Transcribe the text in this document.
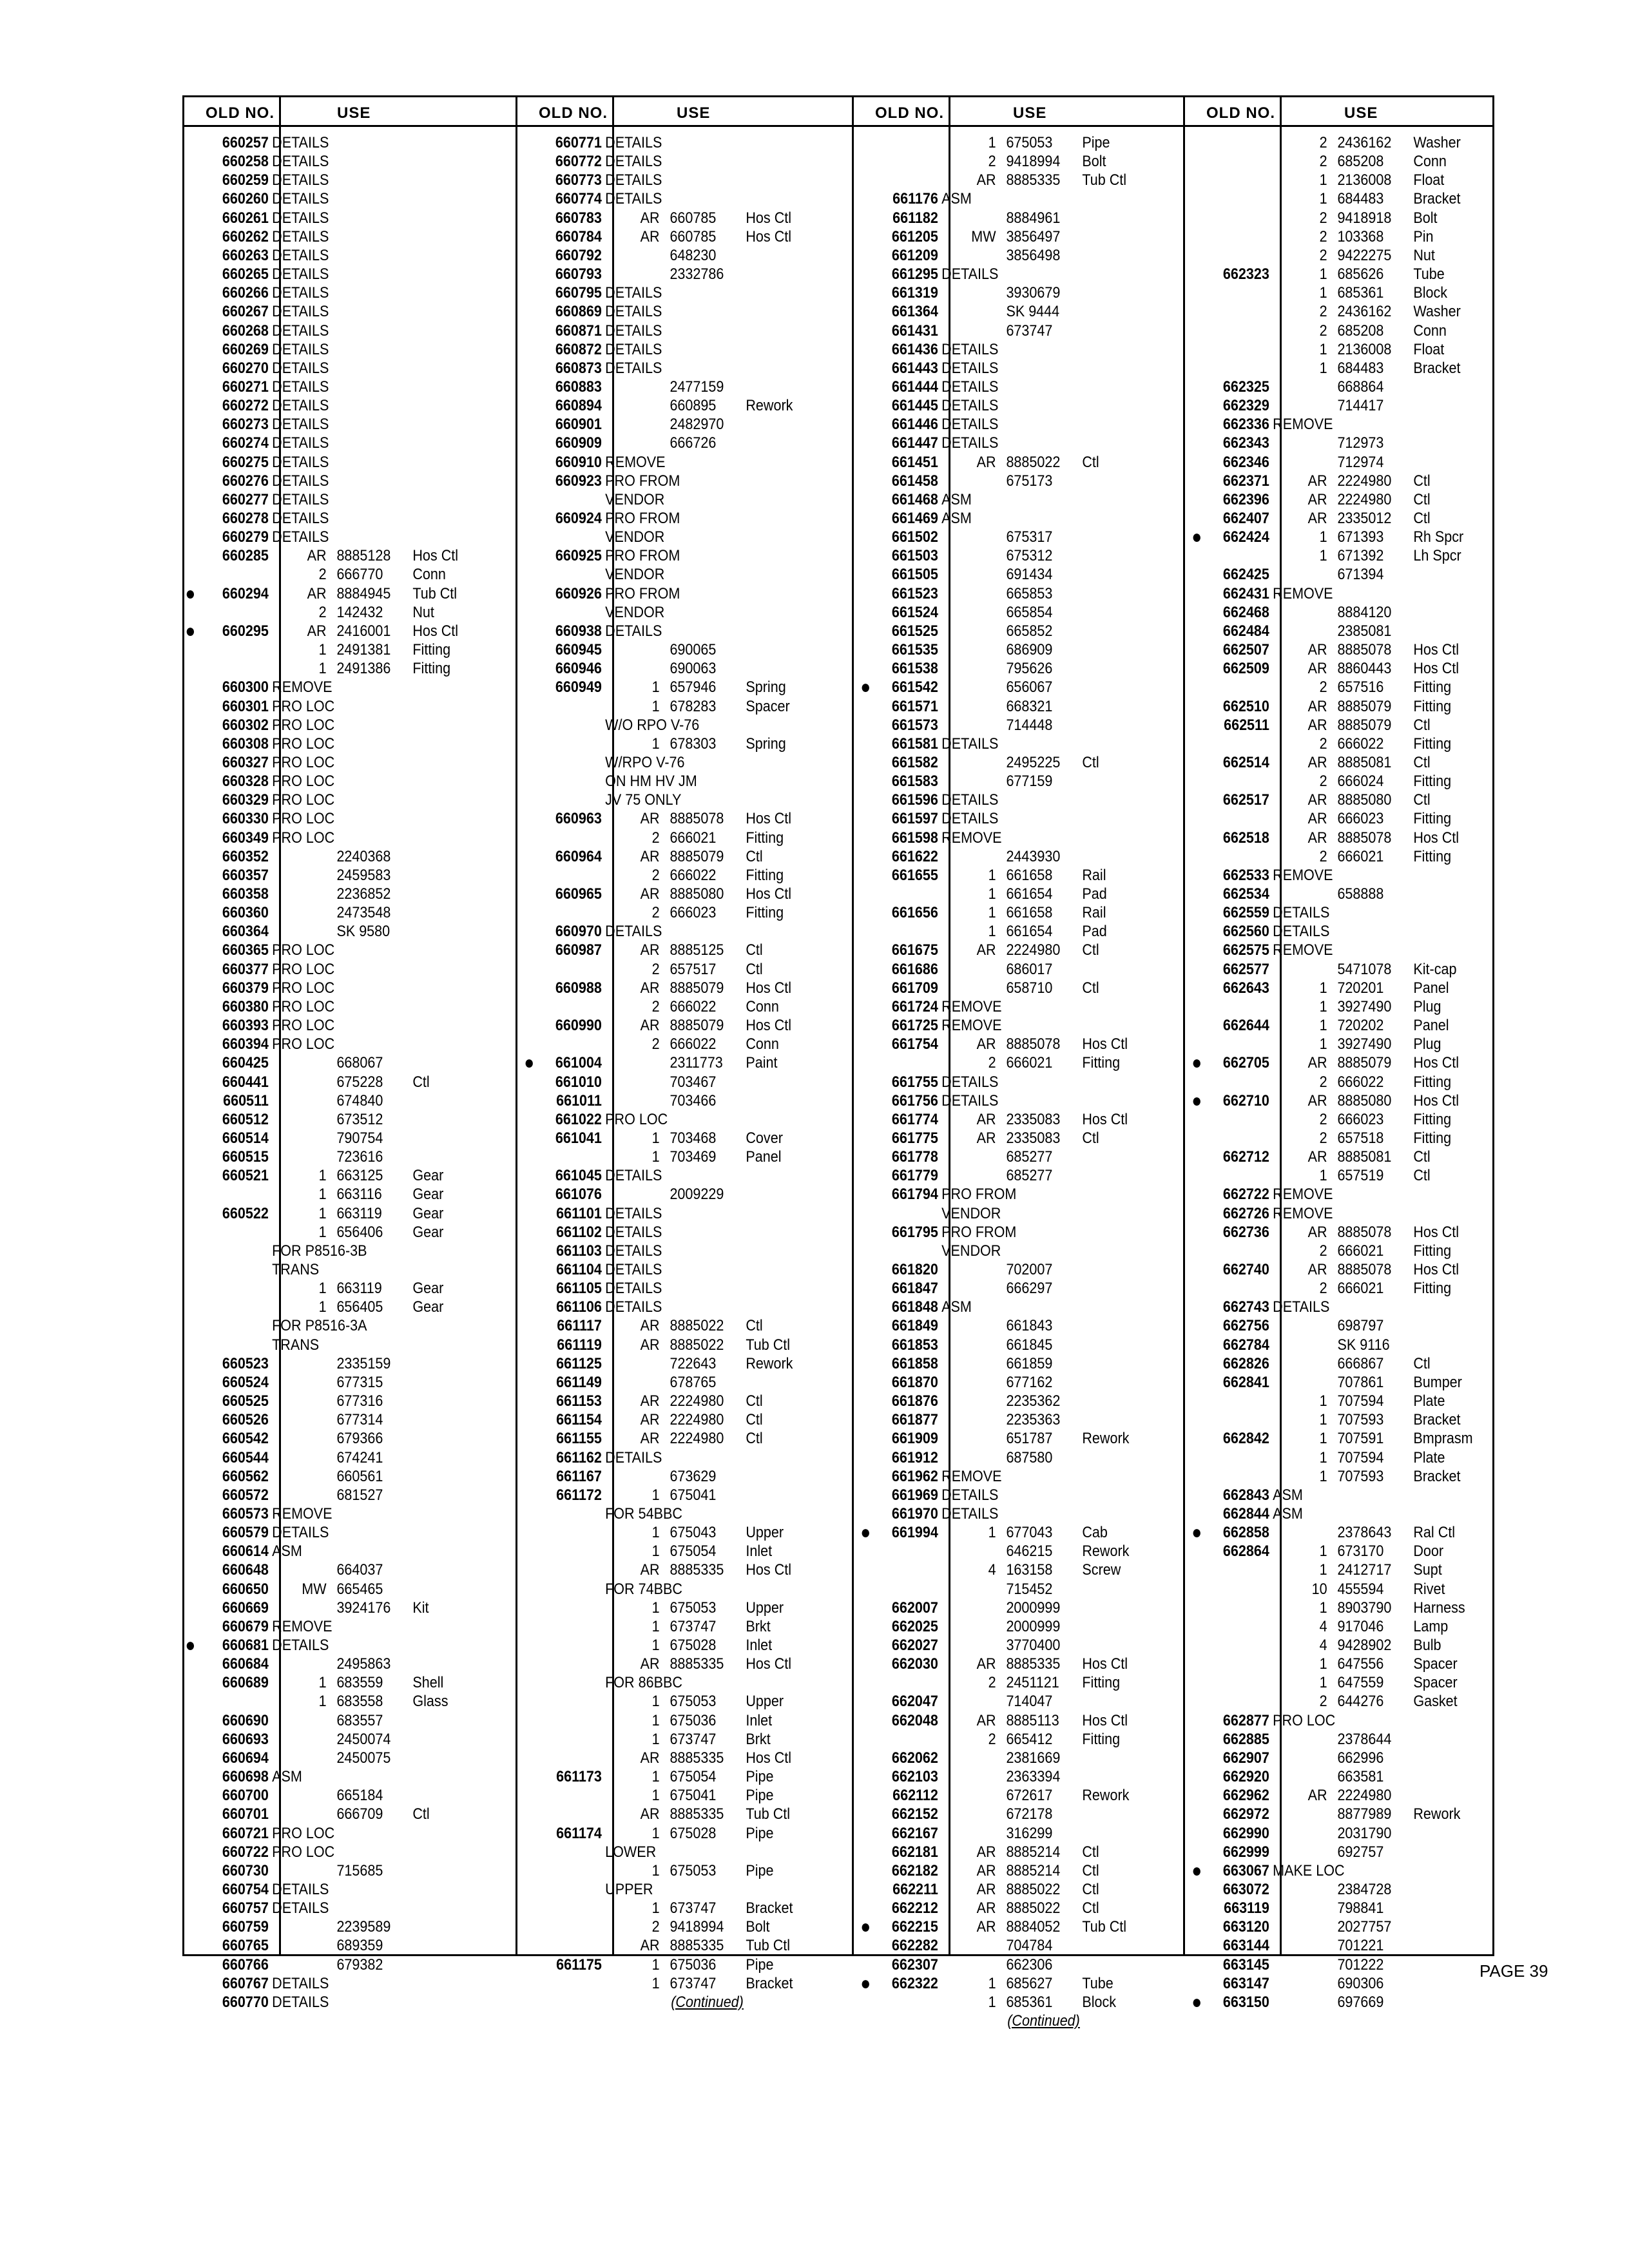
OLD NO.	USE
660257 DETAILS
660258 DETAILS
660259 DETAILS
660260 DETAILS
660261 DETAILS
660262 DETAILS
660263 DETAILS
660265 DETAILS
660266 DETAILS
660267 DETAILS
660268 DETAILS
660269 DETAILS
660270 DETAILS
660271 DETAILS
660272 DETAILS
660273 DETAILS
660274 DETAILS
660275 DETAILS
660276 DETAILS
660277 DETAILS
660278 DETAILS
660279 DETAILS
660285	AR 8885128 Hos Ctl
2 666770 Conn
●	660294	AR 8884945 Tub Ctl
2 142432 Nut
●	660295	AR 2416001 Hos Ctl
1 2491381 Fitting
1 2491386 Fitting
660300 REMOVE
660301 PRO LOC
660302 PRO LOC
660308 PRO LOC
660327 PRO LOC
660328 PRO LOC
660329 PRO LOC
660330 PRO LOC
660349 PRO LOC
660352	2240368
660357	2459583
660358	2236852
660360	2473548
660364	SK 9580
660365 PRO LOC
660377 PRO LOC
660379 PRO LOC
660380 PRO LOC
660393 PRO LOC
660394 PRO LOC
660425	668067
660441	675228 Ctl
660511	674840
660512	673512
660514	790754
660515	723616
660521	1 663125 Gear
1 663116 Gear
660522	1 663119 Gear
1 656406 Gear
FOR P8516-3B
TRANS
1 663119 Gear
1 656405 Gear
FOR P8516-3A
TRANS
660523	2335159
660524	677315
660525	677316
660526	677314
660542	679366
660544	674241
660562	660561
660572	681527
660573 REMOVE
660579 DETAILS
660614 ASM
660648	664037
660650	MW 665465
660669	3924176 Kit
660679 REMOVE
●	660681 DETAILS
660684	2495863
660689	1 683559 Shell
1 683558 Glass
660690	683557
660693	2450074
660694	2450075
660698 ASM
660700	665184
660701	666709 Ctl
660721 PRO LOC
660722 PRO LOC
660730	715685
660754 DETAILS
660757 DETAILS
660759	2239589
660765	689359
660766	679382
660767 DETAILS
660770 DETAILS
OLD NO.	USE
660771 DETAILS
660772 DETAILS
660773 DETAILS
660774 DETAILS
660783	AR 660785 Hos Ctl
660784	AR 660785 Hos Ctl
660792	648230
660793	2332786
660795 DETAILS
660869 DETAILS
660871 DETAILS
660872 DETAILS
660873 DETAILS
660883	2477159
660894	660895 Rework
660901	2482970
660909	666726
660910 REMOVE
660923 PRO FROM
VENDOR
660924 PRO FROM
VENDOR
660925 PRO FROM
VENDOR
660926 PRO FROM
VENDOR
660938 DETAILS
660945	690065
660946	690063
660949	1 657946 Spring
1 678283 Spacer
W/O RPO V-76
1 678303 Spring
W/RPO V-76
ON HM HV JM
JV 75 ONLY
660963	AR 8885078 Hos Ctl
2 666021 Fitting
660964	AR 8885079 Ctl
2 666022 Fitting
660965	AR 8885080 Hos Ctl
2 666023 Fitting
660970 DETAILS
660987	AR 8885125 Ctl
2 657517 Ctl
660988	AR 8885079 Hos Ctl
2 666022 Conn
660990	AR 8885079 Hos Ctl
2 666022 Conn
●	661004	2311773 Paint
661010	703467
661011	703466
661022 PRO LOC
661041	1 703468 Cover
1 703469 Panel
661045 DETAILS
661076	2009229
661101 DETAILS
661102 DETAILS
661103 DETAILS
661104 DETAILS
661105 DETAILS
661106 DETAILS
661117	AR 8885022 Ctl
661119	AR 8885022 Tub Ctl
661125	722643 Rework
661149	678765
661153	AR 2224980 Ctl
661154	AR 2224980 Ctl
661155	AR 2224980 Ctl
661162 DETAILS
661167	673629
661172	1 675041
FOR 54BBC
1 675043 Upper
1 675054 Inlet
AR 8885335 Hos Ctl
FOR 74BBC
1 675053 Upper
1 673747 Brkt
1 675028 Inlet
AR 8885335 Hos Ctl
FOR 86BBC
1 675053 Upper
1 675036 Inlet
1 673747 Brkt
AR 8885335 Hos Ctl
661173	1 675054 Pipe
1 675041 Pipe
AR 8885335 Tub Ctl
661174	1 675028 Pipe
LOWER
1 675053 Pipe
UPPER
1 673747 Bracket
2 9418994 Bolt
AR 8885335 Tub Ctl
661175	1 675036 Pipe
1 673747 Bracket
(Continued)
OLD NO.	USE
1 675053 Pipe
2 9418994 Bolt
AR 8885335 Tub Ctl
661176 ASM
661182	8884961
661205	MW 3856497
661209	3856498
661295 DETAILS
661319	3930679
661364	SK 9444
661431	673747
661436 DETAILS
661443 DETAILS
661444 DETAILS
661445 DETAILS
661446 DETAILS
661447 DETAILS
661451	AR 8885022 Ctl
661458	675173
661468 ASM
661469 ASM
661502	675317
661503	675312
661505	691434
661523	665853
661524	665854
661525	665852
661535	686909
661538	795626
●	661542	656067
661571	668321
661573	714448
661581 DETAILS
661582	2495225 Ctl
661583	677159
661596 DETAILS
661597 DETAILS
661598 REMOVE
661622	2443930
661655	1 661658 Rail
1 661654 Pad
661656	1 661658 Rail
1 661654 Pad
661675	AR 2224980 Ctl
661686	686017
661709	658710 Ctl
661724 REMOVE
661725 REMOVE
661754	AR 8885078 Hos Ctl
2 666021 Fitting
661755 DETAILS
661756 DETAILS
661774	AR 2335083 Hos Ctl
661775	AR 2335083 Ctl
661778	685277
661779	685277
661794 PRO FROM
VENDOR
661795 PRO FROM
VENDOR
661820	702007
661847	666297
661848 ASM
661849	661843
661853	661845
661858	661859
661870	677162
661876	2235362
661877	2235363
661909	651787 Rework
661912	687580
661962 REMOVE
661969 DETAILS
661970 DETAILS
●	661994	1 677043 Cab
646215 Rework
4 163158 Screw
715452
662007	2000999
662025	2000999
662027	3770400
662030	AR 8885335 Hos Ctl
2 2451121 Fitting
662047	714047
662048	AR 8885113 Hos Ctl
2 665412 Fitting
662062	2381669
662103	2363394
662112	672617 Rework
662152	672178
662167	316299
662181	AR 8885214 Ctl
662182	AR 8885214 Ctl
662211	AR 8885022 Ctl
662212	AR 8885022 Ctl
●	662215	AR 8884052 Tub Ctl
662282	704784
662307	662306
●	662322	1 685627 Tube
1 685361 Block
(Continued)
OLD NO.	USE
2 2436162 Washer
2 685208 Conn
1 2136008 Float
1 684483 Bracket
2 9418918 Bolt
2 103368 Pin
2 9422275 Nut
662323	1 685626 Tube
1 685361 Block
2 2436162 Washer
2 685208 Conn
1 2136008 Float
1 684483 Bracket
662325	668864
662329	714417
662336 REMOVE
662343	712973
662346	712974
662371	AR 2224980 Ctl
662396	AR 2224980 Ctl
662407	AR 2335012 Ctl
●	662424	1 671393 Rh Spcr
1 671392 Lh Spcr
662425	671394
662431 REMOVE
662468	8884120
662484	2385081
662507	AR 8885078 Hos Ctl
662509	AR 8860443 Hos Ctl
2 657516 Fitting
662510	AR 8885079 Fitting
662511	AR 8885079 Ctl
2 666022 Fitting
662514	AR 8885081 Ctl
2 666024 Fitting
662517	AR 8885080 Ctl
AR 666023 Fitting
662518	AR 8885078 Hos Ctl
2 666021 Fitting
662533 REMOVE
662534	658888
662559 DETAILS
662560 DETAILS
662575 REMOVE
662577	5471078 Kit-cap
662643	1 720201 Panel
1 3927490 Plug
662644	1 720202 Panel
1 3927490 Plug
●	662705	AR 8885079 Hos Ctl
2 666022 Fitting
●	662710	AR 8885080 Hos Ctl
2 666023 Fitting
2 657518 Fitting
662712	AR 8885081 Ctl
1 657519 Ctl
662722 REMOVE
662726 REMOVE
662736	AR 8885078 Hos Ctl
2 666021 Fitting
662740	AR 8885078 Hos Ctl
2 666021 Fitting
662743 DETAILS
662756	698797
662784	SK 9116
662826	666867 Ctl
662841	707861 Bumper
1 707594 Plate
1 707593 Bracket
662842	1 707591 Bmprasm
1 707594 Plate
1 707593 Bracket
662843 ASM
662844 ASM
●	662858	2378643 Ral Ctl
662864	1 673170 Door
1 2412717 Supt
10 455594 Rivet
1 8903790 Harness
4 917046 Lamp
4 9428902 Bulb
1 647556 Spacer
1 647559 Spacer
2 644276 Gasket
662877 PRO LOC
662885	2378644
662907	662996
662920	663581
662962	AR 2224980
662972	8877989 Rework
662990	2031790
662999	692757
●	663067 MAKE LOC
663072	2384728
663119	798841
663120	2027757
663144	701221
663145	701222
663147	690306
●	663150	697669
PAGE 39
